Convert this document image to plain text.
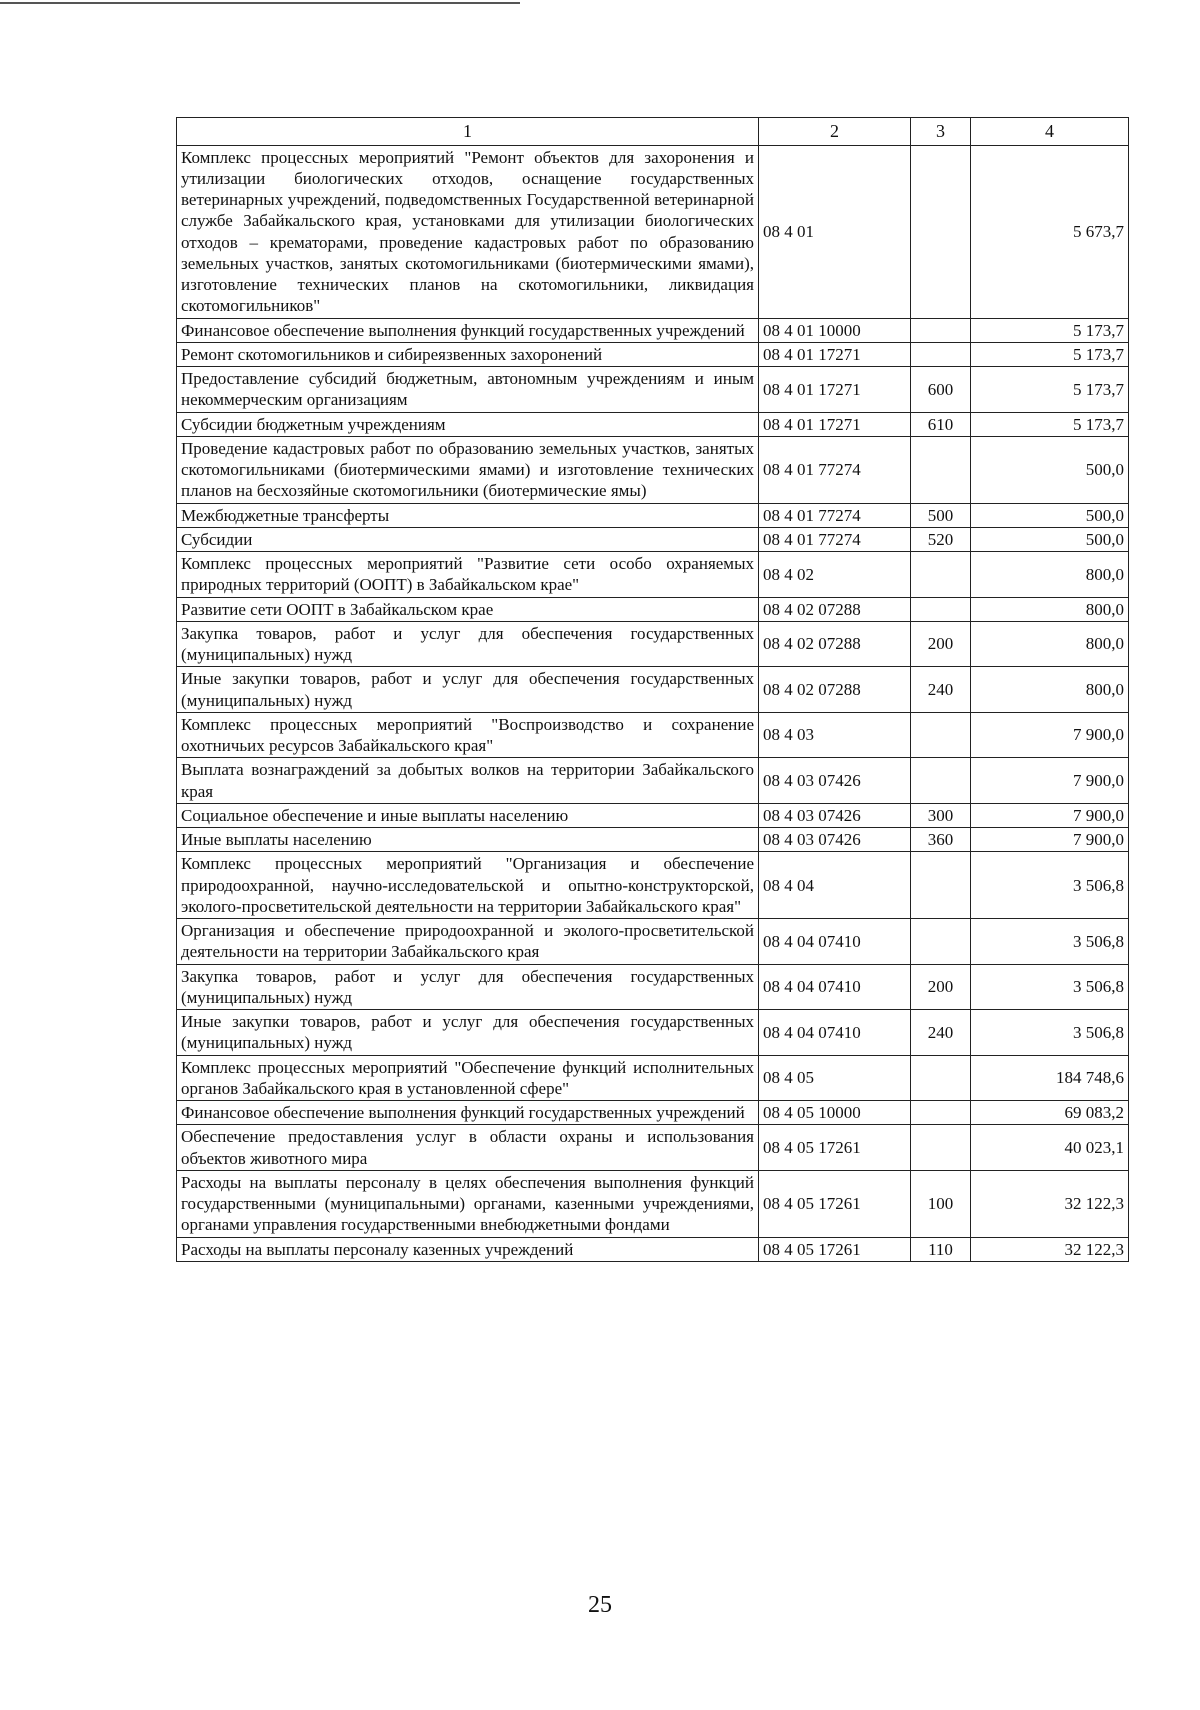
1	2	3	4
Комплекс процессных мероприятий "Ремонт объектов для захоронения и утилизации биологических отходов, оснащение государственных ветеринарных учреждений, подведомственных Государственной ветеринарной службе Забайкальского края, установками для утилизации биологических отходов – крематорами, проведение кадастровых работ по образованию земельных участков, занятых скотомогильниками (биотермическими ямами), изготовление технических планов на скотомогильники, ликвидация скотомогильников"	08 4 01		5 673,7
Финансовое обеспечение выполнения функций государственных учреждений	08 4 01 10000		5 173,7
Ремонт скотомогильников и сибиреязвенных захоронений	08 4 01 17271		5 173,7
Предоставление субсидий бюджетным, автономным учреждениям и иным некоммерческим организациям	08 4 01 17271	600	5 173,7
Субсидии бюджетным учреждениям	08 4 01 17271	610	5 173,7
Проведение кадастровых работ по образованию земельных участков, занятых скотомогильниками (биотермическими ямами) и изготовление технических планов на бесхозяйные скотомогильники (биотермические ямы)	08 4 01 77274		500,0
Межбюджетные трансферты	08 4 01 77274	500	500,0
Субсидии	08 4 01 77274	520	500,0
Комплекс процессных мероприятий "Развитие сети особо охраняемых природных территорий (ООПТ) в Забайкальском крае"	08 4 02		800,0
Развитие сети ООПТ в Забайкальском крае	08 4 02 07288		800,0
Закупка товаров, работ и услуг для обеспечения государственных (муниципальных) нужд	08 4 02 07288	200	800,0
Иные закупки товаров, работ и услуг для обеспечения государственных (муниципальных) нужд	08 4 02 07288	240	800,0
Комплекс процессных мероприятий "Воспроизводство и сохранение охотничьих ресурсов Забайкальского края"	08 4 03		7 900,0
Выплата вознаграждений за добытых волков на территории Забайкальского края	08 4 03 07426		7 900,0
Социальное обеспечение и иные выплаты населению	08 4 03 07426	300	7 900,0
Иные выплаты населению	08 4 03 07426	360	7 900,0
Комплекс процессных мероприятий "Организация и обеспечение природоохранной, научно-исследовательской и опытно-конструкторской, эколого-просветительской деятельности на территории Забайкальского края"	08 4 04		3 506,8
Организация и обеспечение природоохранной и эколого-просветительской деятельности на территории Забайкальского края	08 4 04 07410		3 506,8
Закупка товаров, работ и услуг для обеспечения государственных (муниципальных) нужд	08 4 04 07410	200	3 506,8
Иные закупки товаров, работ и услуг для обеспечения государственных (муниципальных) нужд	08 4 04 07410	240	3 506,8
Комплекс процессных мероприятий "Обеспечение функций исполнительных органов Забайкальского края в установленной сфере"	08 4 05		184 748,6
Финансовое обеспечение выполнения функций государственных учреждений	08 4 05 10000		69 083,2
Обеспечение предоставления услуг в области охраны и использования объектов животного мира	08 4 05 17261		40 023,1
Расходы на выплаты персоналу в целях обеспечения выполнения функций государственными (муниципальными) органами, казенными учреждениями, органами управления государственными внебюджетными фондами	08 4 05 17261	100	32 122,3
Расходы на выплаты персоналу казенных учреждений	08 4 05 17261	110	32 122,3
25
